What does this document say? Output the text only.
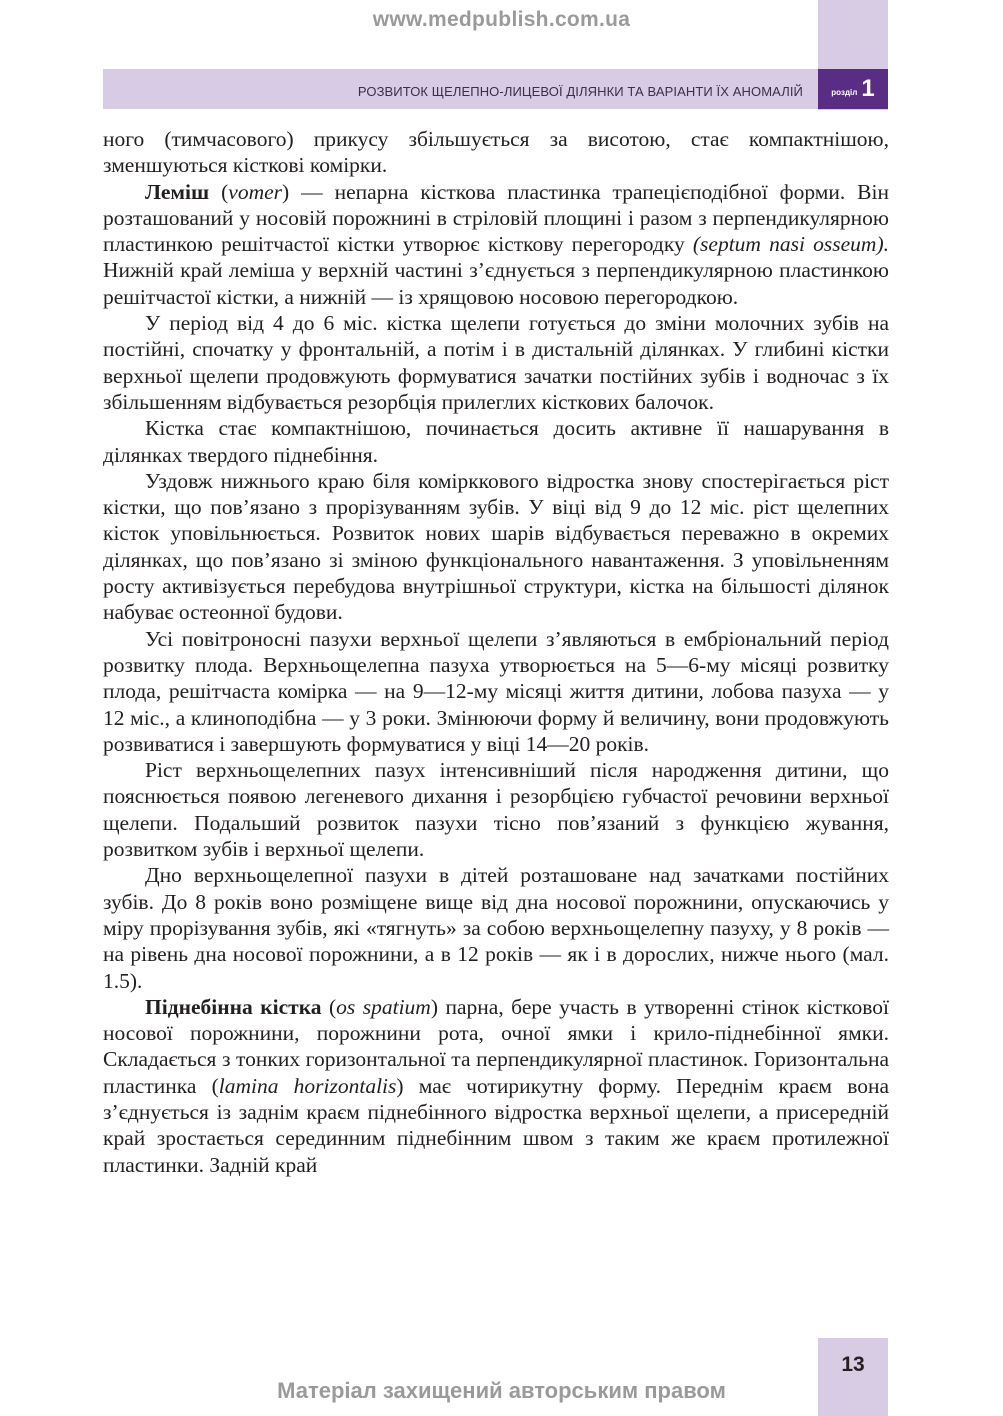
www.medpublish.com.ua
РОЗВИТОК ЩЕЛЕПНО-ЛИЦЕВОЇ ДІЛЯНКИ ТА ВАРІАНТИ ЇХ АНОМАЛІЙ	розділ 1

ного (тимчасового) прикусу збільшується за висотою, стає компактнішою, зменшуються кісткові комірки.

Леміш (vomer) — непарна кісткова пластинка трапецієподібної форми. Він розташований у носовій порожнині в стріловій площині і разом з перпендикулярною пластинкою решітчастої кістки утворює кісткову перегородку (septum nasi osseum). Нижній край леміша у верхній частині з’єднується з перпендикулярною пластинкою решітчастої кістки, а нижній — із хрящовою носовою перегородкою.

У період від 4 до 6 міс. кістка щелепи готується до зміни молочних зубів на постійні, спочатку у фронтальній, а потім і в дистальній ділянках. У глибині кістки верхньої щелепи продовжують формуватися зачатки постійних зубів і водночас з їх збільшенням відбувається резорбція прилеглих кісткових балочок.

Кістка стає компактнішою, починається досить активне її нашарування в ділянках твердого піднебіння.

Уздовж нижнього краю біля комірккового відростка знову спостерігається ріст кістки, що пов’язано з прорізуванням зубів. У віці від 9 до 12 міс. ріст щелепних кісток уповільнюється. Розвиток нових шарів відбувається переважно в окремих ділянках, що пов’язано зі зміною функціонального навантаження. З уповільненням росту активізується перебудова внутрішньої структури, кістка на більшості ділянок набуває остеонної будови.

Усі повітроносні пазухи верхньої щелепи з’являються в ембріональний період розвитку плода. Верхньощелепна пазуха утворюється на 5—6-му місяці розвитку плода, решітчаста комірка — на 9—12-му місяці життя дитини, лобова пазуха — у 12 міс., а клиноподібна — у 3 роки. Змінюючи форму й величину, вони продовжують розвиватися і завершують формуватися у віці 14—20 років.

Ріст верхньощелепних пазух інтенсивніший після народження дитини, що пояснюється появою легеневого дихання і резорбцією губчастої речовини верхньої щелепи. Подальший розвиток пазухи тісно пов’язаний з функцією жування, розвитком зубів і верхньої щелепи.

Дно верхньощелепної пазухи в дітей розташоване над зачатками постійних зубів. До 8 років воно розміщене вище від дна носової порожнини, опускаючись у міру прорізування зубів, які «тягнуть» за собою верхньощелепну пазуху, у 8 років — на рівень дна носової порожнини, а в 12 років — як і в дорослих, нижче нього (мал. 1.5).

Піднебінна кістка (os spatium) парна, бере участь в утворенні стінок кісткової носової порожнини, порожнини рота, очної ямки і крило-піднебінної ямки. Складається з тонких горизонтальної та перпендикулярної пластинок. Горизонтальна пластинка (lamina horizontalis) має чотирикутну форму. Переднім краєм вона з’єднується із заднім краєм піднебінного відростка верхньої щелепи, а присередній край зростається серединним піднебінним швом з таким же краєм протилежної пластинки. Задній край

13
Матеріал захищений авторським правом
